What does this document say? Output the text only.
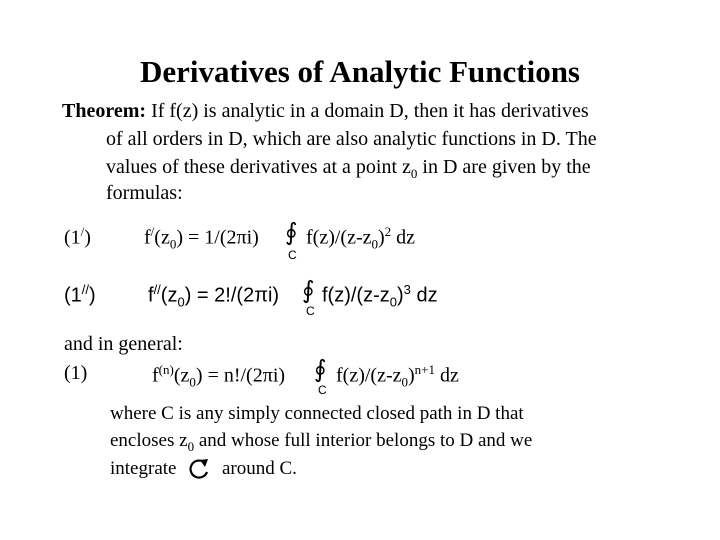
Derivatives of Analytic Functions
Theorem: If f(z) is analytic in a domain D, then it has derivatives
of all orders in D, which are also analytic functions in D. The
values of these derivatives at a point $z_0$ in D are given by the
formulas:
(1/)	$f^/(z_0) = 1/(2\pi i)$ ∮
C
$f(z)/(z-z_0)^2$ dz
(1//)	$f^{//}(z_0) = 2!/(2\pi i)$ ∮
C
$f(z)/(z-z_0)^3$ dz
and in general:
(1)	$f^{(n)}(z_0) = n!/(2\pi i)$ ∮
C
$f(z)/(z-z_0)^{n+1}$ dz
where C is any simply connected closed path in D that
encloses $z_0$ and whose full interior belongs to D and we
integrate around C.
